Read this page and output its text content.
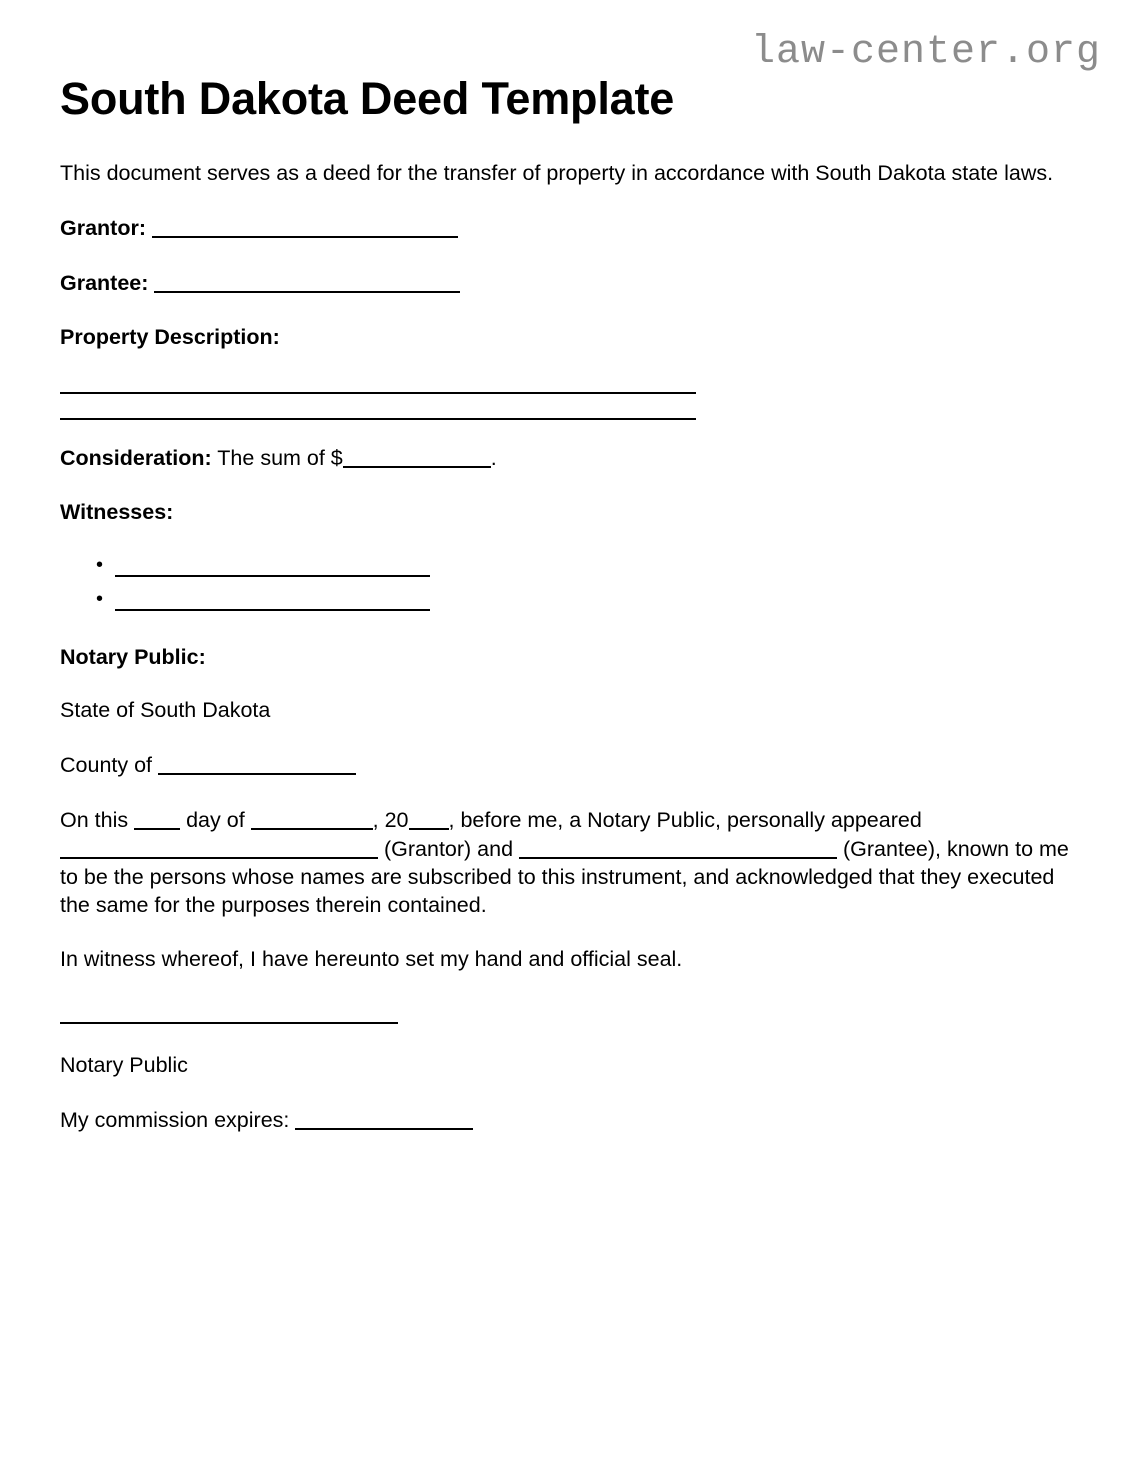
law-center.org
South Dakota Deed Template

This document serves as a deed for the transfer of property in accordance with South Dakota state laws.

Grantor:

Grantee:

Property Description:

Consideration: The sum of $	.

Witnesses:

•
•

Notary Public:

State of South Dakota

County of

On this	day of	, 20 , before me, a Notary Public, personally appeared  (Grantor) and	(Grantee), known to me to be the persons whose names are subscribed to this instrument, and acknowledged that they executed the same for the purposes therein contained.

In witness whereof, I have hereunto set my hand and official seal.

Notary Public

My commission expires:
